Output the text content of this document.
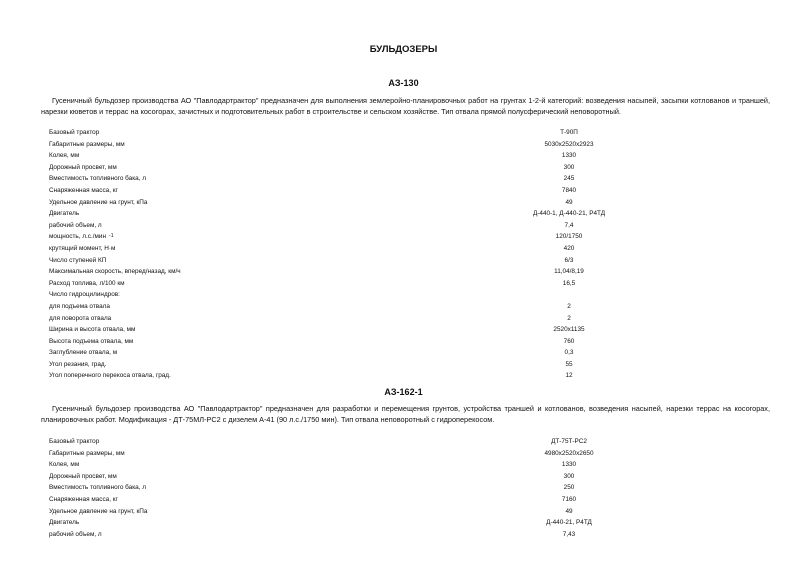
БУЛЬДОЗЕРЫ
АЗ-130
Гусеничный бульдозер производства АО "Павлодартрактор" предназначен для выполнения землеройно-планировочных работ на грунтах 1-2-й категорий: возведения насыпей, засыпки котлованов и траншей, нарезки кюветов и террас на косогорах, зачистных и подготовительных работ в строительстве и сельском хозяйстве. Тип отвала прямой полусферический неповоротный.
Базовый трактор	Т-90П
Габаритные размеры, мм	5030х2520х2923
Колея, мм	1330
Дорожный просвет, мм	300
Вместимость топливного бака, л	245
Снаряженная масса, кг	7840
Удельное давление на грунт, кПа	49
Двигатель	Д-440-1, Д-440-21, Р4ТД
рабочий объем, л	7,4
мощность, л.с./мин -1	120/1750
крутящий момент, Н·м	420
Число ступеней КП	6/3
Максимальная скорость, вперед/назад, км/ч	11,04/8,19
Расход топлива, л/100 км	16,5
Число гидроцилиндров:
для подъема отвала	2
для поворота отвала	2
Ширина и высота отвала, мм	2520х1135
Высота подъема отвала, мм	760
Заглубление отвала, м	0,3
Угол резания, град.	55
Угол поперечного перекоса отвала, град.	12
АЗ-162-1
Гусеничный бульдозер производства АО "Павлодартрактор" предназначен для разработки и перемещения грунтов, устройства траншей и котлованов, возведения насыпей, нарезки террас на косогорах, планировочных работ. Модификация - ДТ-75МЛ-РС2 с дизелем А-41 (90 л.с./1750 мин). Тип отвала неповоротный с гидроперекосом.
Базовый трактор	ДТ-75Т-РС2
Габаритные размеры, мм	4980х2520х2650
Колея, мм	1330
Дорожный просвет, мм	300
Вместимость топливного бака, л	250
Снаряженная масса, кг	7160
Удельное давление на грунт, кПа	49
Двигатель	Д-440-21, Р4ТД
рабочий объем, л	7,43
